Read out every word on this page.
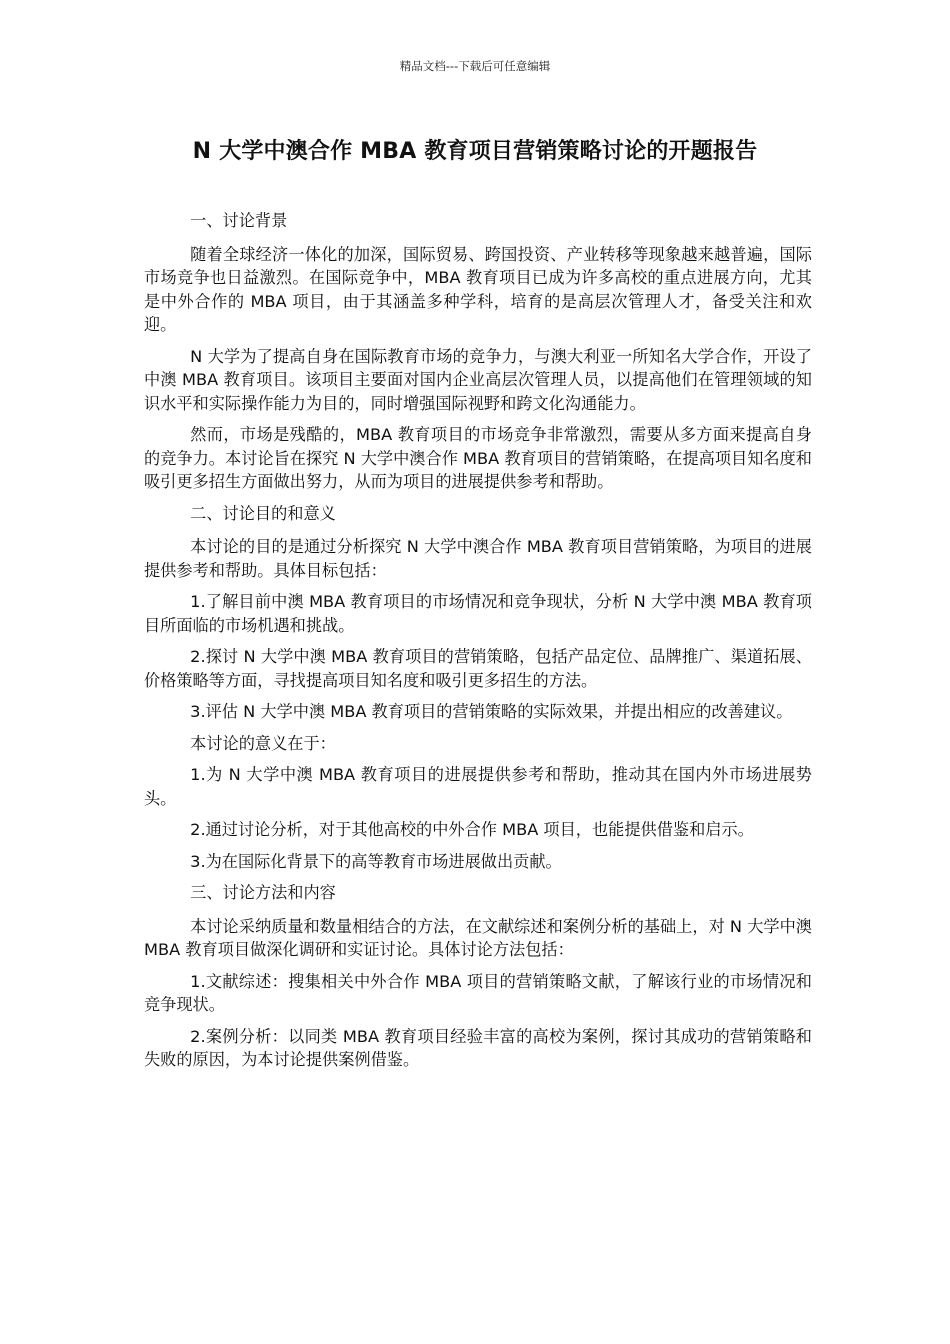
精品文档---下载后可任意编辑
N 大学中澳合作 MBA 教育项目营销策略讨论的开题报告
一、讨论背景

随着全球经济一体化的加深，国际贸易、跨国投资、产业转移等现象越来越普遍，国际市场竞争也日益激烈。在国际竞争中，MBA 教育项目已成为许多高校的重点进展方向，尤其是中外合作的 MBA 项目，由于其涵盖多种学科，培育的是高层次管理人才，备受关注和欢迎。

N 大学为了提高自身在国际教育市场的竞争力，与澳大利亚一所知名大学合作，开设了中澳 MBA 教育项目。该项目主要面对国内企业高层次管理人员，以提高他们在管理领域的知识水平和实际操作能力为目的，同时增强国际视野和跨文化沟通能力。

然而，市场是残酷的，MBA 教育项目的市场竞争非常激烈，需要从多方面来提高自身的竞争力。本讨论旨在探究 N 大学中澳合作 MBA 教育项目的营销策略，在提高项目知名度和吸引更多招生方面做出努力，从而为项目的进展提供参考和帮助。

二、讨论目的和意义

本讨论的目的是通过分析探究 N 大学中澳合作 MBA 教育项目营销策略，为项目的进展提供参考和帮助。具体目标包括：

1.了解目前中澳 MBA 教育项目的市场情况和竞争现状，分析 N 大学中澳 MBA 教育项目所面临的市场机遇和挑战。

2.探讨 N 大学中澳 MBA 教育项目的营销策略，包括产品定位、品牌推广、渠道拓展、价格策略等方面，寻找提高项目知名度和吸引更多招生的方法。

3.评估 N 大学中澳 MBA 教育项目的营销策略的实际效果，并提出相应的改善建议。

本讨论的意义在于：

1.为 N 大学中澳 MBA 教育项目的进展提供参考和帮助，推动其在国内外市场进展势头。

2.通过讨论分析，对于其他高校的中外合作 MBA 项目，也能提供借鉴和启示。

3.为在国际化背景下的高等教育市场进展做出贡献。

三、讨论方法和内容

本讨论采纳质量和数量相结合的方法，在文献综述和案例分析的基础上，对 N 大学中澳 MBA 教育项目做深化调研和实证讨论。具体讨论方法包括：

1.文献综述：搜集相关中外合作 MBA 项目的营销策略文献，了解该行业的市场情况和竞争现状。

2.案例分析：以同类 MBA 教育项目经验丰富的高校为案例，探讨其成功的营销策略和失败的原因，为本讨论提供案例借鉴。
